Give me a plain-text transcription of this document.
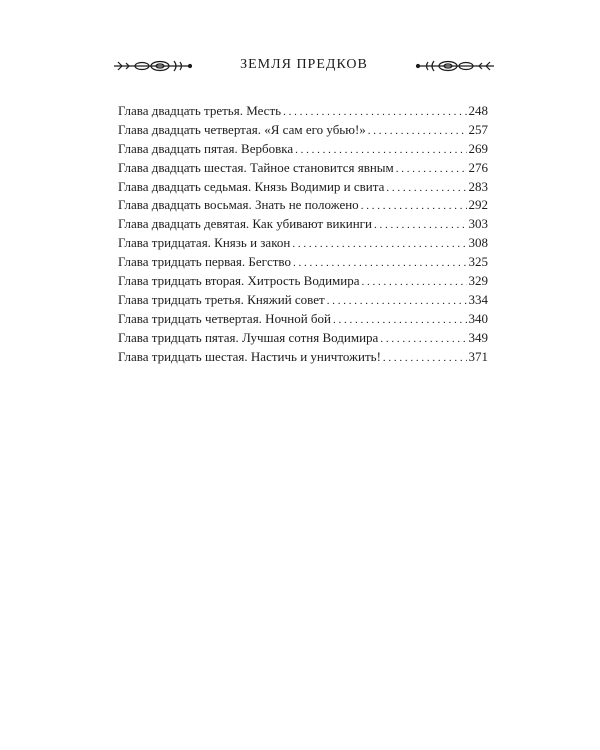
ЗЕМЛЯ ПРЕДКОВ
Глава двадцать третья. Месть . . .	248
Глава двадцать четвертая. «Я сам его убью!» . . .	257
Глава двадцать пятая. Вербовка . . .	269
Глава двадцать шестая. Тайное становится явным . . .	276
Глава двадцать седьмая. Князь Водимир и свита . . .	283
Глава двадцать восьмая. Знать не положено . . .	292
Глава двадцать девятая. Как убивают викинги . . .	303
Глава тридцатая. Князь и закон . . .	308
Глава тридцать первая. Бегство . . .	325
Глава тридцать вторая. Хитрость Водимира . . .	329
Глава тридцать третья. Княжий совет . . .	334
Глава тридцать четвертая. Ночной бой . . .	340
Глава тридцать пятая. Лучшая сотня Водимира . . .	349
Глава тридцать шестая. Настичь и уничтожить! . . .	371
